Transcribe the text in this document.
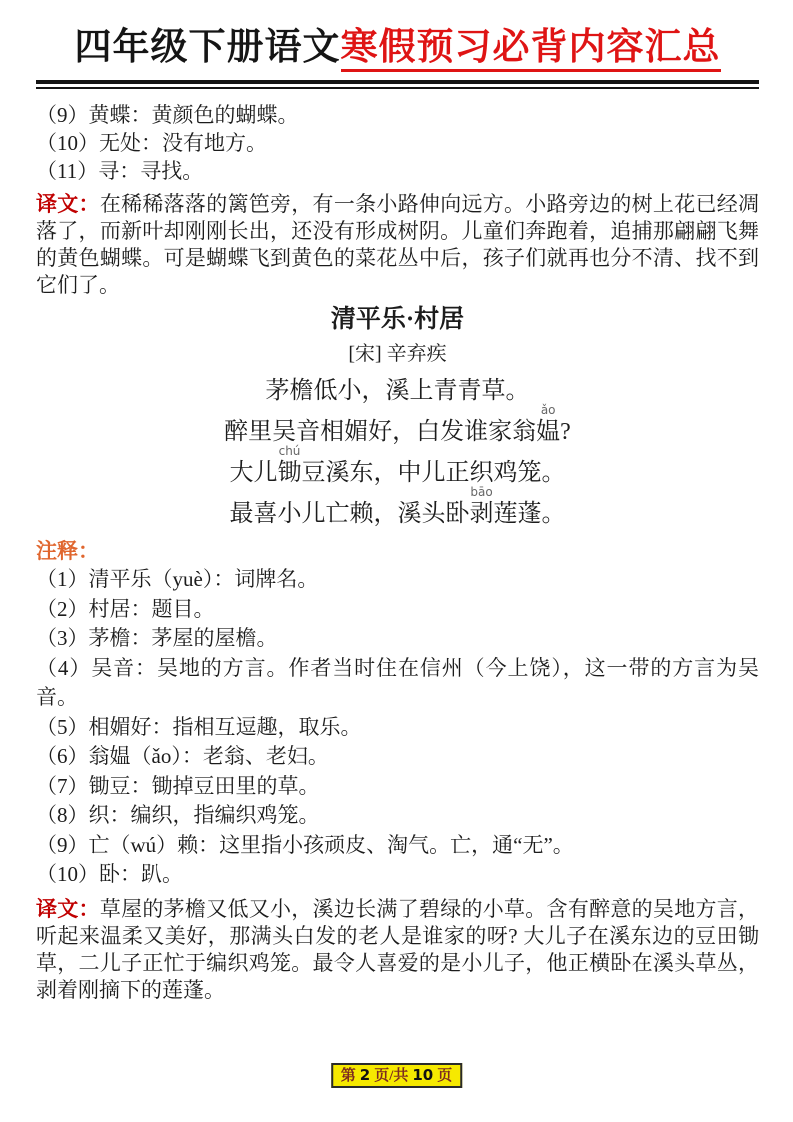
四年级下册语文寒假预习必背内容汇总

（9）黄蝶：黄颜色的蝴蝶。

（10）无处：没有地方。

（11）寻：寻找。

译文：在稀稀落落的篱笆旁，有一条小路伸向远方。小路旁边的树上花已经凋落了，而新叶却刚刚长出，还没有形成树阴。儿童们奔跑着，追捕那翩翩飞舞的黄色蝴蝶。可是蝴蝶飞到黄色的菜花丛中后，孩子们就再也分不清、找不到它们了。

清平乐·村居
[宋] 辛弃疾
茅檐低小，溪上青青草。
醉里吴音相媚好，白发谁家翁
ǎo
媪?
大儿
chú
锄豆溪东，中儿正织鸡笼。
最喜小儿亡赖，溪头卧
bāo
剥莲蓬。
注释：

（1）清平乐（yuè）：词牌名。

（2）村居：题目。

（3）茅檐：茅屋的屋檐。

（4）吴音：吴地的方言。作者当时住在信州（今上饶），这一带的方言为吴音。

（5）相媚好：指相互逗趣，取乐。

（6）翁媪（ǎo）：老翁、老妇。

（7）锄豆：锄掉豆田里的草。

（8）织：编织，指编织鸡笼。

（9）亡（wú）赖：这里指小孩顽皮、淘气。亡，通“无”。

（10）卧：趴。

译文：草屋的茅檐又低又小，溪边长满了碧绿的小草。含有醉意的吴地方言，听起来温柔又美好，那满头白发的老人是谁家的呀? 大儿子在溪东边的豆田锄草，二儿子正忙于编织鸡笼。最令人喜爱的是小儿子，他正横卧在溪头草丛，剥着刚摘下的莲蓬。

第 2 页/共 10 页
